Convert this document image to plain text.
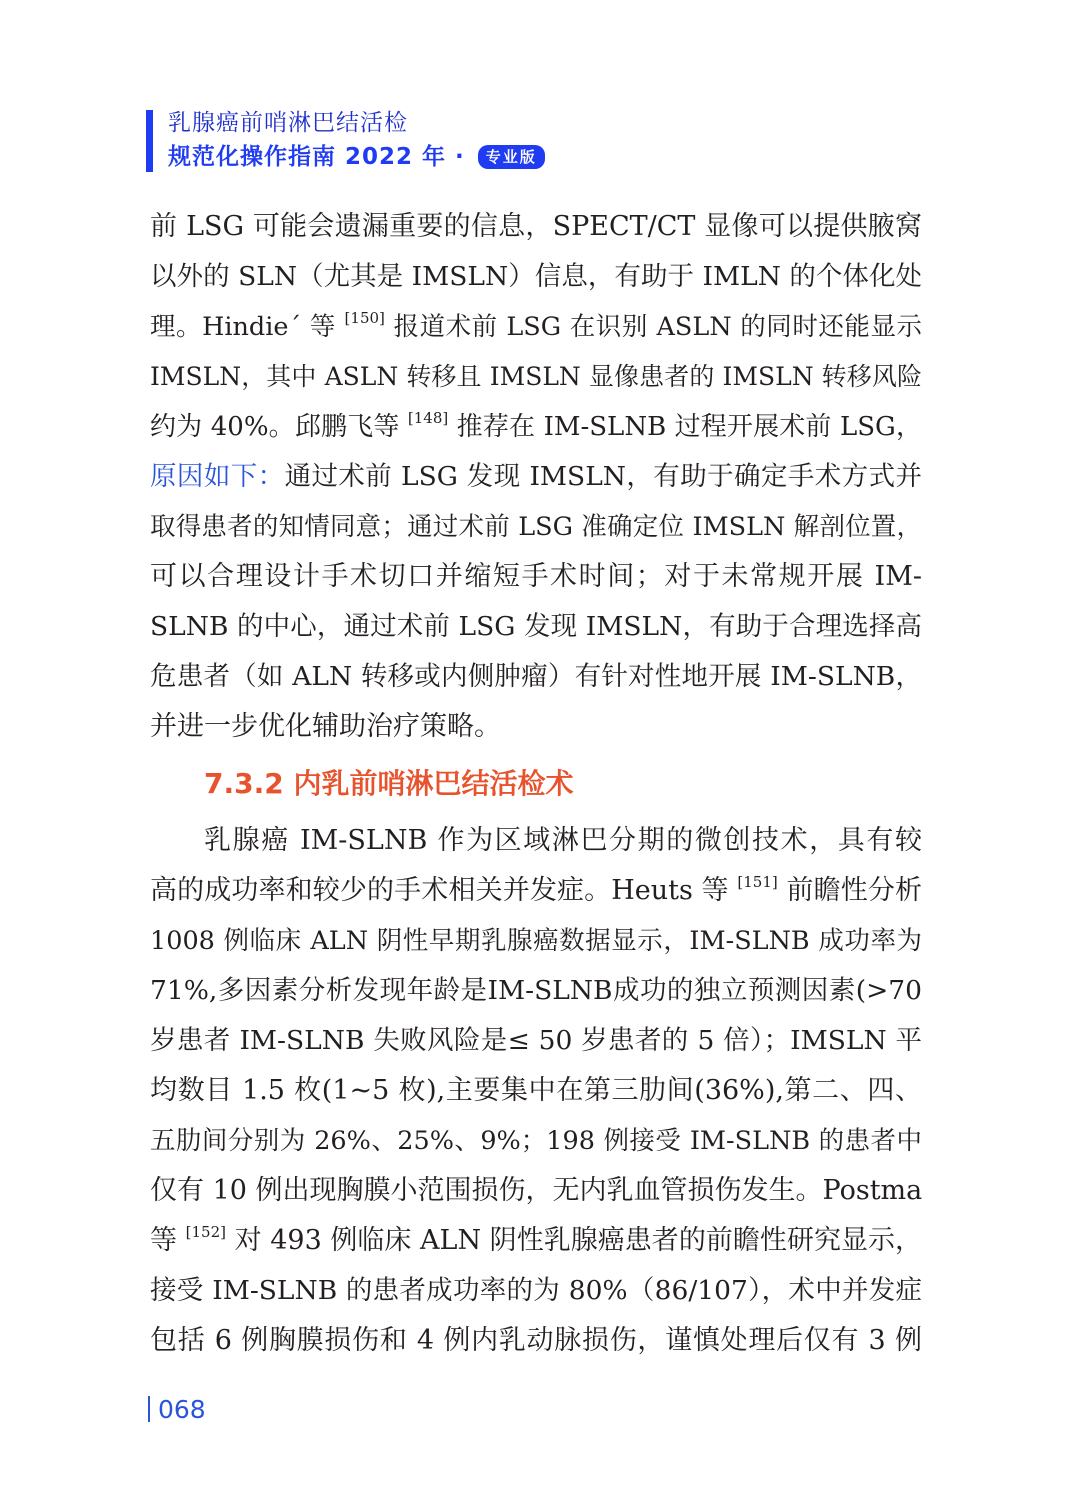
乳腺癌前哨淋巴结活检
规范化操作指南 2022 年 · 专业版
前 LSG 可能会遗漏重要的信息，SPECT/CT 显像可以提供腋窝
以外的 SLN（尤其是 IMSLN）信息，有助于 IMLN 的个体化处
理。Hindie´ 等 [150] 报道术前 LSG 在识别 ASLN 的同时还能显示
IMSLN，其中 ASLN 转移且 IMSLN 显像患者的 IMSLN 转移风险
约为 40%。邱鹏飞等 [148] 推荐在 IM-SLNB 过程开展术前 LSG，
原因如下：通过术前 LSG 发现 IMSLN，有助于确定手术方式并
取得患者的知情同意；通过术前 LSG 准确定位 IMSLN 解剖位置，
可以合理设计手术切口并缩短手术时间；对于未常规开展 IM-
SLNB 的中心，通过术前 LSG 发现 IMSLN，有助于合理选择高
危患者（如 ALN 转移或内侧肿瘤）有针对性地开展 IM-SLNB，
并进一步优化辅助治疗策略。
7.3.2 内乳前哨淋巴结活检术
乳腺癌 IM-SLNB 作为区域淋巴分期的微创技术，具有较
高的成功率和较少的手术相关并发症。Heuts 等 [151] 前瞻性分析
1008 例临床 ALN 阴性早期乳腺癌数据显示，IM-SLNB 成功率为
71%,多因素分析发现年龄是IM-SLNB成功的独立预测因素(>70
岁患者 IM-SLNB 失败风险是≤ 50 岁患者的 5 倍）；IMSLN 平
均数目 1.5 枚(1~5 枚),主要集中在第三肋间(36%),第二、四、
五肋间分别为 26%、25%、9%；198 例接受 IM-SLNB 的患者中
仅有 10 例出现胸膜小范围损伤，无内乳血管损伤发生。Postma
等 [152] 对 493 例临床 ALN 阴性乳腺癌患者的前瞻性研究显示，
接受 IM-SLNB 的患者成功率的为 80%（86/107），术中并发症
包括 6 例胸膜损伤和 4 例内乳动脉损伤，谨慎处理后仅有 3 例
068
